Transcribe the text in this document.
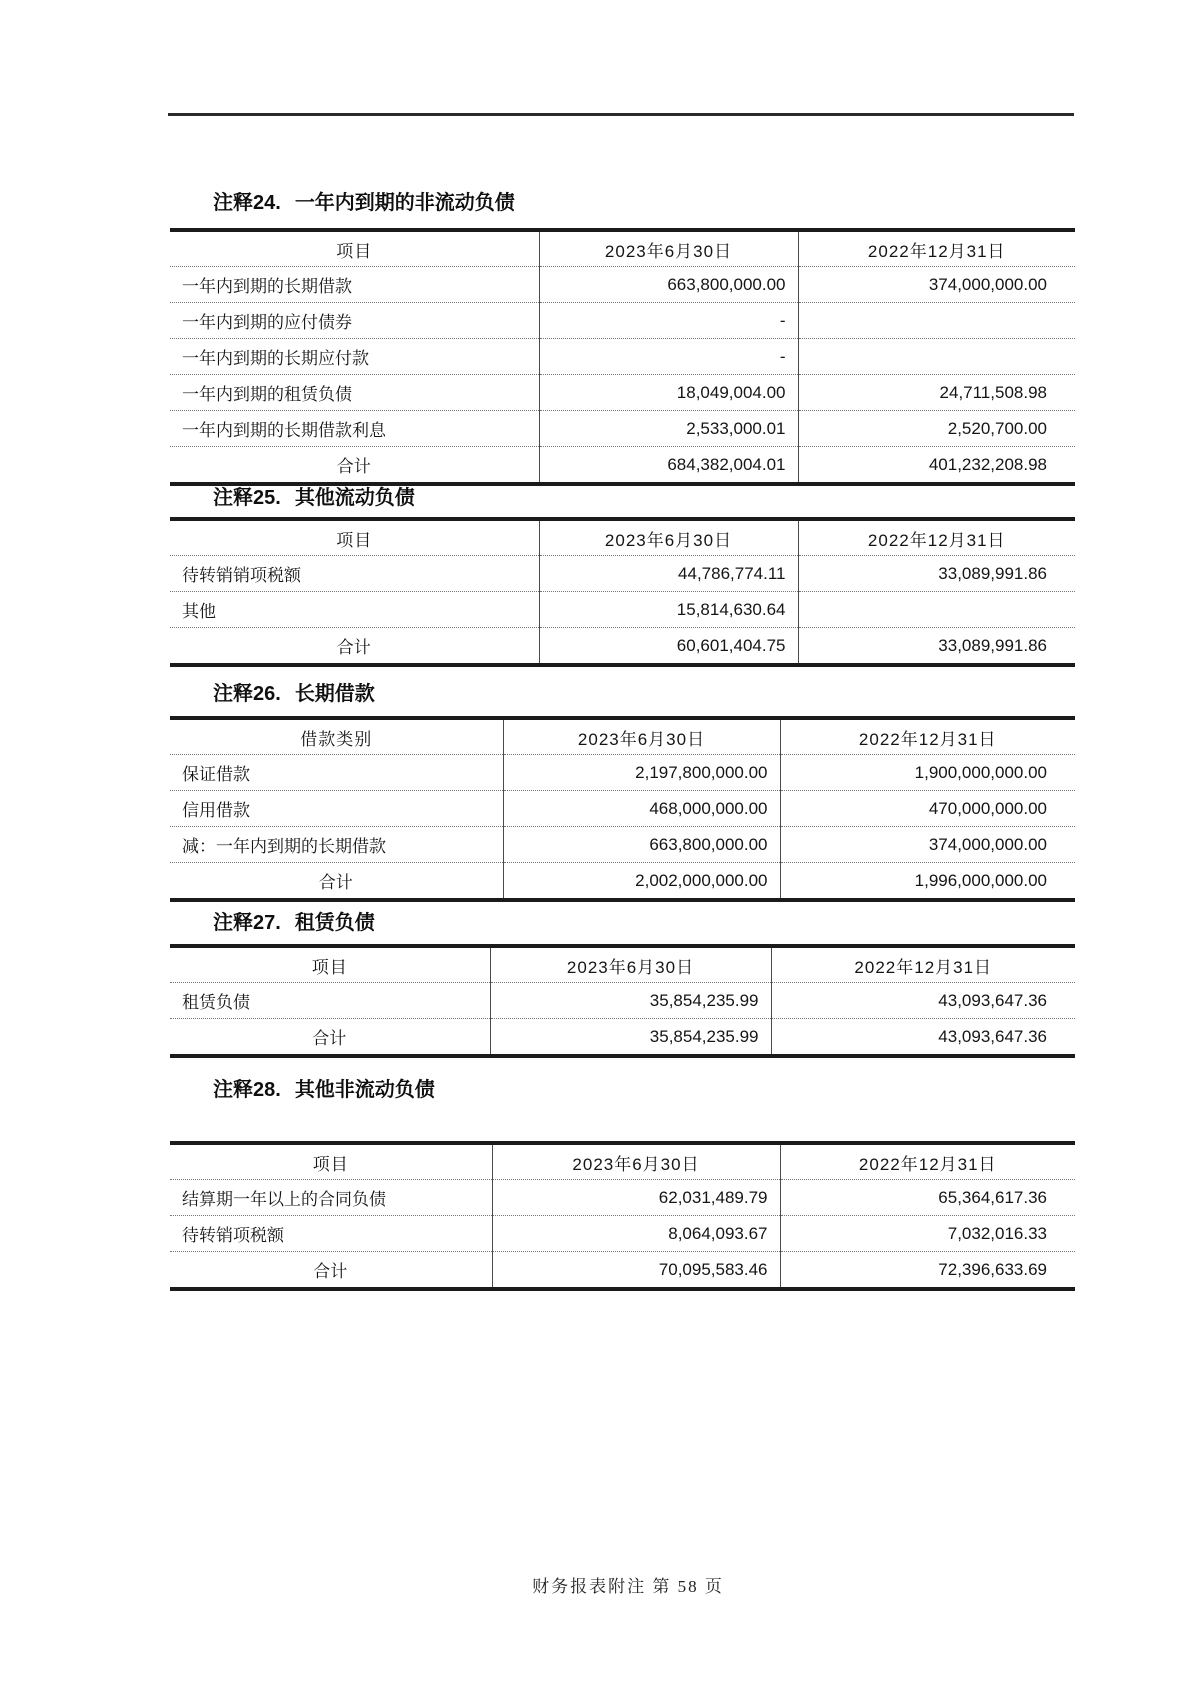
注释24. 一年内到期的非流动负债
项目	2023年6月30日	2022年12月31日
一年内到期的长期借款	663,800,000.00	374,000,000.00
一年内到期的应付债券	-	
一年内到期的长期应付款	-	
一年内到期的租赁负债	18,049,004.00	24,711,508.98
一年内到期的长期借款利息	2,533,000.01	2,520,700.00
合计	684,382,004.01	401,232,208.98
注释25. 其他流动负债
项目	2023年6月30日	2022年12月31日
待转销销项税额	44,786,774.11	33,089,991.86
其他	15,814,630.64	
合计	60,601,404.75	33,089,991.86
注释26. 长期借款
借款类别	2023年6月30日	2022年12月31日
保证借款	2,197,800,000.00	1,900,000,000.00
信用借款	468,000,000.00	470,000,000.00
减：一年内到期的长期借款	663,800,000.00	374,000,000.00
合计	2,002,000,000.00	1,996,000,000.00
注释27. 租赁负债
项目	2023年6月30日	2022年12月31日
租赁负债	35,854,235.99	43,093,647.36
合计	35,854,235.99	43,093,647.36
注释28. 其他非流动负债
项目	2023年6月30日	2022年12月31日
结算期一年以上的合同负债	62,031,489.79	65,364,617.36
待转销项税额	8,064,093.67	7,032,016.33
合计	70,095,583.46	72,396,633.69
财务报表附注 第 58 页
